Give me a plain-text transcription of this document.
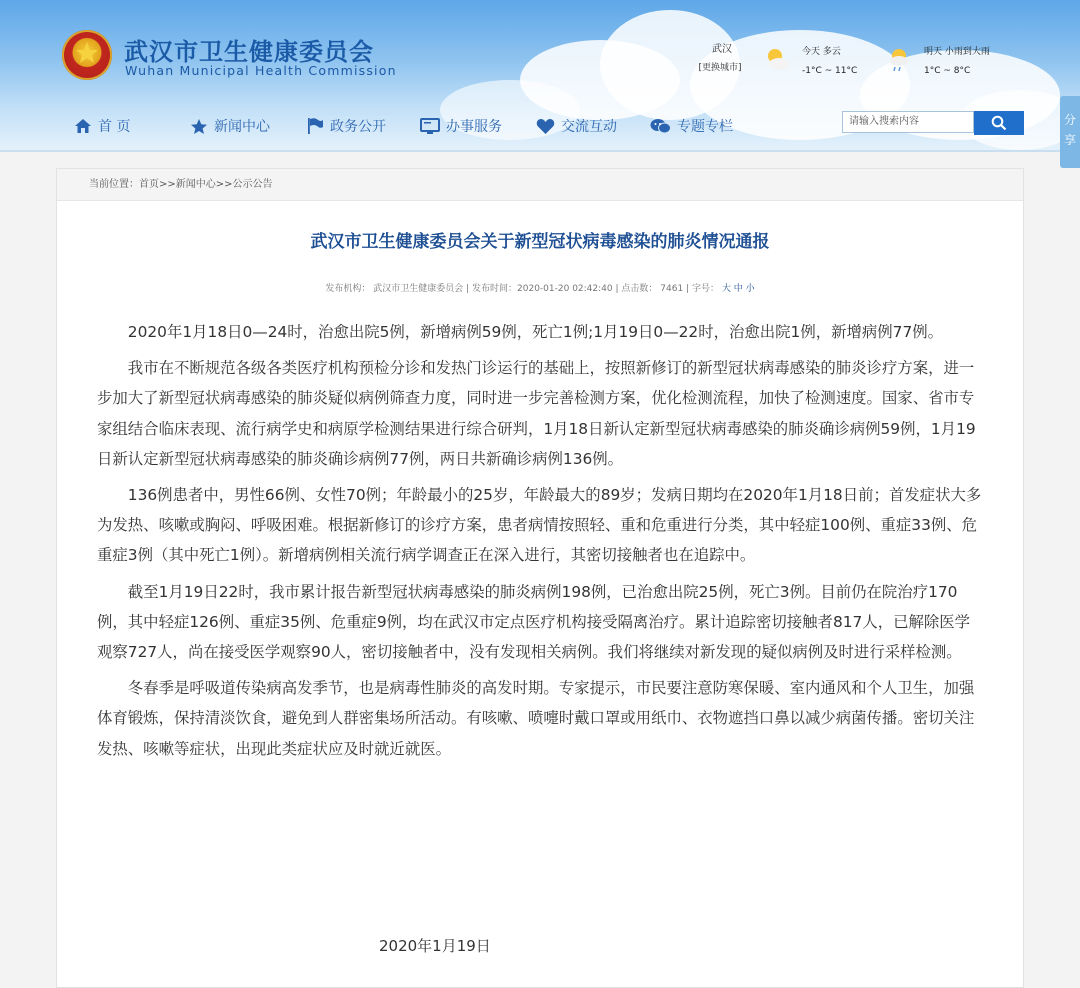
武汉市卫生健康委员会
Wuhan Municipal Health Commission
武汉
[更换城市]
今天 多云
-1°C ~ 11°C
明天 小雨到大雨
1°C ~ 8°C
首 页	新闻中心	政务公开	办事服务	交流互动	专题专栏	请输入搜索内容	分
享
当前位置：首页>>新闻中心>>公示公告
武汉市卫生健康委员会关于新型冠状病毒感染的肺炎情况通报
发布机构： 武汉市卫生健康委员会 | 发布时间：2020-01-20 02:42:40 | 点击数： 7461 | 字号： 大 中 小

2020年1月18日0—24时，治愈出院5例，新增病例59例，死亡1例;1月19日0—22时，治愈出院1例，新增病例77例。

我市在不断规范各级各类医疗机构预检分诊和发热门诊运行的基础上，按照新修订的新型冠状病毒感染的肺炎诊疗方案，进一步加大了新型冠状病毒感染的肺炎疑似病例筛查力度，同时进一步完善检测方案，优化检测流程，加快了检测速度。国家、省市专家组结合临床表现、流行病学史和病原学检测结果进行综合研判，1月18日新认定新型冠状病毒感染的肺炎确诊病例59例，1月19日新认定新型冠状病毒感染的肺炎确诊病例77例，两日共新确诊病例136例。

136例患者中，男性66例、女性70例；年龄最小的25岁，年龄最大的89岁；发病日期均在2020年1月18日前；首发症状大多为发热、咳嗽或胸闷、呼吸困难。根据新修订的诊疗方案，患者病情按照轻、重和危重进行分类，其中轻症100例、重症33例、危重症3例（其中死亡1例）。新增病例相关流行病学调查正在深入进行，其密切接触者也在追踪中。

截至1月19日22时，我市累计报告新型冠状病毒感染的肺炎病例198例，已治愈出院25例，死亡3例。目前仍在院治疗170例，其中轻症126例、重症35例、危重症9例，均在武汉市定点医疗机构接受隔离治疗。累计追踪密切接触者817人，已解除医学观察727人，尚在接受医学观察90人，密切接触者中，没有发现相关病例。我们将继续对新发现的疑似病例及时进行采样检测。

冬春季是呼吸道传染病高发季节，也是病毒性肺炎的高发时期。专家提示，市民要注意防寒保暖、室内通风和个人卫生，加强体育锻炼，保持清淡饮食，避免到人群密集场所活动。有咳嗽、喷嚏时戴口罩或用纸巾、衣物遮挡口鼻以减少病菌传播。密切关注发热、咳嗽等症状，出现此类症状应及时就近就医。

2020年1月19日
